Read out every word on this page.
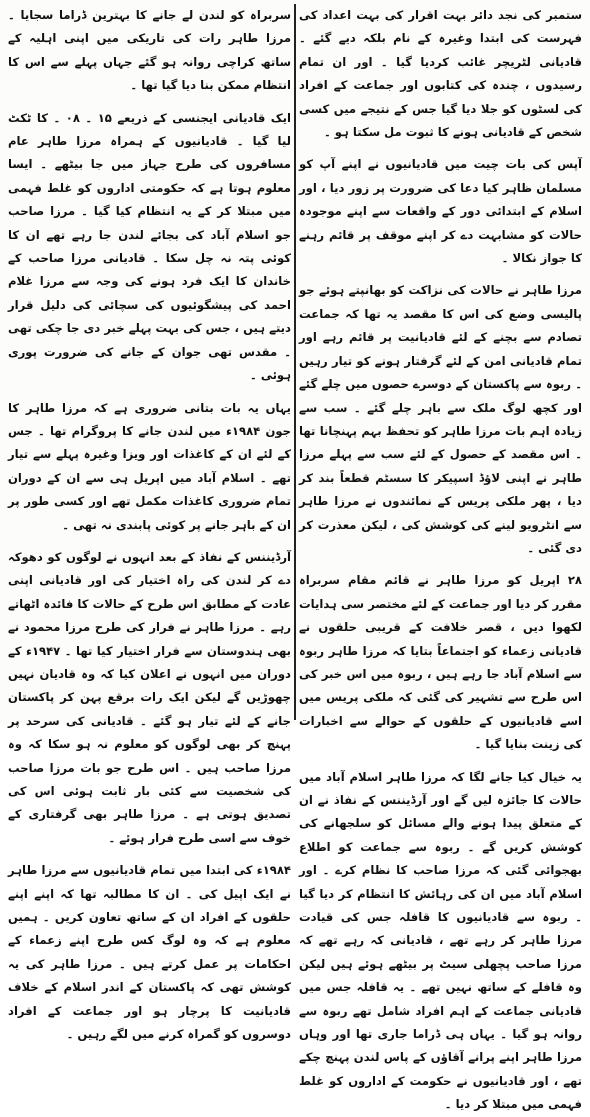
ستمبر کی نجد دائر بہت اقرار کی بہت اعداد کی فہرست کی ابتدا وغیرہ کے نام بلکہ دیے گئے ۔ قادیانی لٹریچر غائب کردیا گیا ۔ اور ان تمام رسیدوں ، چندہ کی کتابوں اور جماعت کے افراد کی لسٹوں کو جلا دیا گیا جس کے نتیجے میں کسی شخص کے قادیانی ہونے کا ثبوت مل سکتا ہو ۔

آپس کی بات چیت میں قادیانیوں نے اپنے آپ کو مسلمان ظاہر کیا دعا کی ضرورت پر زور دیا ، اور اسلام کے ابتدائی دور کے واقعات سے اپنے موجودہ حالات کو مشابہت دے کر اپنے موقف پر قائم رہنے کا جواز نکالا ۔

مرزا طاہر نے حالات کی نزاکت کو بھانپتے ہوئے جو پالیسی وضع کی اس کا مقصد یہ تھا کہ جماعت تصادم سے بچنے کے لئے قادیانیت پر قائم رہے اور تمام قادیانی امن کے لئے گرفتار ہونے کو تیار رہیں ۔ ربوہ سے پاکستان کے دوسرے حصوں میں چلے گئے اور کچھ لوگ ملک سے باہر چلے گئے ۔ سب سے زیادہ اہم بات مرزا طاہر کو تحفظ بہم پہنچانا تھا ۔ اس مقصد کے حصول کے لئے سب سے پہلے مرزا طاہر نے اپنی لاؤڈ اسپیکر کا سسٹم قطعاً بند کر دیا ، پھر ملکی پریس کے نمائندوں نے مرزا طاہر سے انٹرویو لینے کی کوشش کی ، لیکن معذرت کر دی گئی ۔

۲۸ اپریل کو مرزا طاہر نے قائم مقام سربراہ مقرر کر دیا اور جماعت کے لئے مختصر سی ہدایات لکھوا دیں ، قصر خلافت کے قریبی حلقوں نے قادیانی زعماء کو اجتماعاً بتایا کہ مرزا طاہر ربوہ سے اسلام آباد جا رہے ہیں ، ربوہ میں اس خبر کی اس طرح سے تشہیر کی گئی کہ ملکی پریس میں اسے قادیانیوں کے حلقوں کے حوالے سے اخبارات کی زینت بنایا گیا ۔

یہ خیال کیا جانے لگا کہ مرزا طاہر اسلام آباد میں حالات کا جائزہ لیں گے اور آرڈیننس کے نفاذ نے ان کے متعلق پیدا ہونے والے مسائل کو سلجھانے کی کوشش کریں گے ۔ ربوہ سے جماعت کو اطلاع بھجوائی گئی کہ مرزا صاحب کا نظام کرے ۔ اور اسلام آباد میں ان کی رہائش کا انتظام کر دیا گیا ۔ ربوہ سے قادیانیوں کا قافلہ جس کی قیادت مرزا طاہر کر رہے تھے ، قادیانی کہ رہے تھے کہ مرزا صاحب پچھلی سیٹ پر بیٹھے ہوئے ہیں لیکن وہ قافلے کے ساتھ نہیں تھے ۔ یہ قافلہ جس میں قادیانی جماعت کے اہم افراد شامل تھے ربوہ سے روانہ ہو گیا ۔ یہاں ہی ڈراما جاری تھا اور وہاں مرزا طاہر اپنے پرانے آقاؤں کے پاس لندن پہنچ چکے تھے ، اور قادیانیوں نے حکومت کے اداروں کو غلط فہمی میں مبتلا کر دیا ۔

سربراہ کو لندن لے جانے کا بہترین ڈراما سجایا ۔ مرزا طاہر رات کی تاریکی میں اپنی اہلیہ کے ساتھ کراچی روانہ ہو گئے جہاں پہلے سے اس کا انتظام ممکن بنا دیا گیا تھا ۔

ایک قادیانی ایجنسی کے ذریعے ۱۵ ۔ ۰۸ ۔ کا ٹکٹ لیا گیا ۔ قادیانیوں کے ہمراہ مرزا طاہر عام مسافروں کی طرح جہاز میں جا بیٹھے ۔ ایسا معلوم ہوتا ہے کہ حکومتی اداروں کو غلط فہمی میں مبتلا کر کے یہ انتظام کیا گیا ۔ مرزا صاحب جو اسلام آباد کی بجائے لندن جا رہے تھے ان کا کوئی پتہ نہ چل سکا ۔ قادیانی مرزا صاحب کے خاندان کا ایک فرد ہونے کی وجہ سے مرزا غلام احمد کی پیشگوئیوں کی سچائی کی دلیل قرار دیتے ہیں ، جس کی بہت پہلے خبر دی جا چکی تھی ۔ مقدس تھی جوان کے جانے کی ضرورت پوری ہوئی ۔

یہاں یہ بات بتانی ضروری ہے کہ مرزا طاہر کا جون ۱۹۸۴ء میں لندن جانے کا پروگرام تھا ۔ جس کے لئے ان کے کاغذات اور ویزا وغیرہ پہلے سے تیار تھے ۔ اسلام آباد میں اپریل ہی سے ان کے دوران تمام ضروری کاغذات مکمل تھے اور کسی طور پر ان کے باہر جانے پر کوئی پابندی نہ تھی ۔

آرڈیننس کے نفاذ کے بعد انہوں نے لوگوں کو دھوکہ دے کر لندن کی راہ اختیار کی اور قادیانی اپنی عادت کے مطابق اس طرح کے حالات کا فائدہ اٹھاتے رہے ۔ مرزا طاہر نے فرار کی طرح مرزا محمود نے بھی ہندوستان سے فرار اختیار کیا تھا ۔ ۱۹۴۷ء کے دوران میں انہوں نے اعلان کیا کہ وہ قادیان نہیں چھوڑیں گے لیکن ایک رات برقع پہن کر پاکستان جانے کے لئے تیار ہو گئے ۔ قادیانی کی سرحد پر پہنچ کر بھی لوگوں کو معلوم نہ ہو سکا کہ وہ مرزا صاحب ہیں ۔ اس طرح جو بات مرزا صاحب کی شخصیت سے کئی بار ثابت ہوئی اس کی تصدیق ہوتی ہے ۔ مرزا طاہر بھی گرفتاری کے خوف سے اسی طرح فرار ہوئے ۔

۱۹۸۴ء کی ابتدا میں تمام قادیانیوں سے مرزا طاہر نے ایک اپیل کی ۔ ان کا مطالبہ تھا کہ اپنے اپنے حلقوں کے افراد ان کے ساتھ تعاون کریں ۔ ہمیں معلوم ہے کہ وہ لوگ کس طرح اپنے زعماء کے احکامات پر عمل کرتے ہیں ۔ مرزا طاہر کی یہ کوشش تھی کہ پاکستان کے اندر اسلام کے خلاف قادیانیت کا پرچار ہو اور جماعت کے افراد دوسروں کو گمراہ کرنے میں لگے رہیں ۔
